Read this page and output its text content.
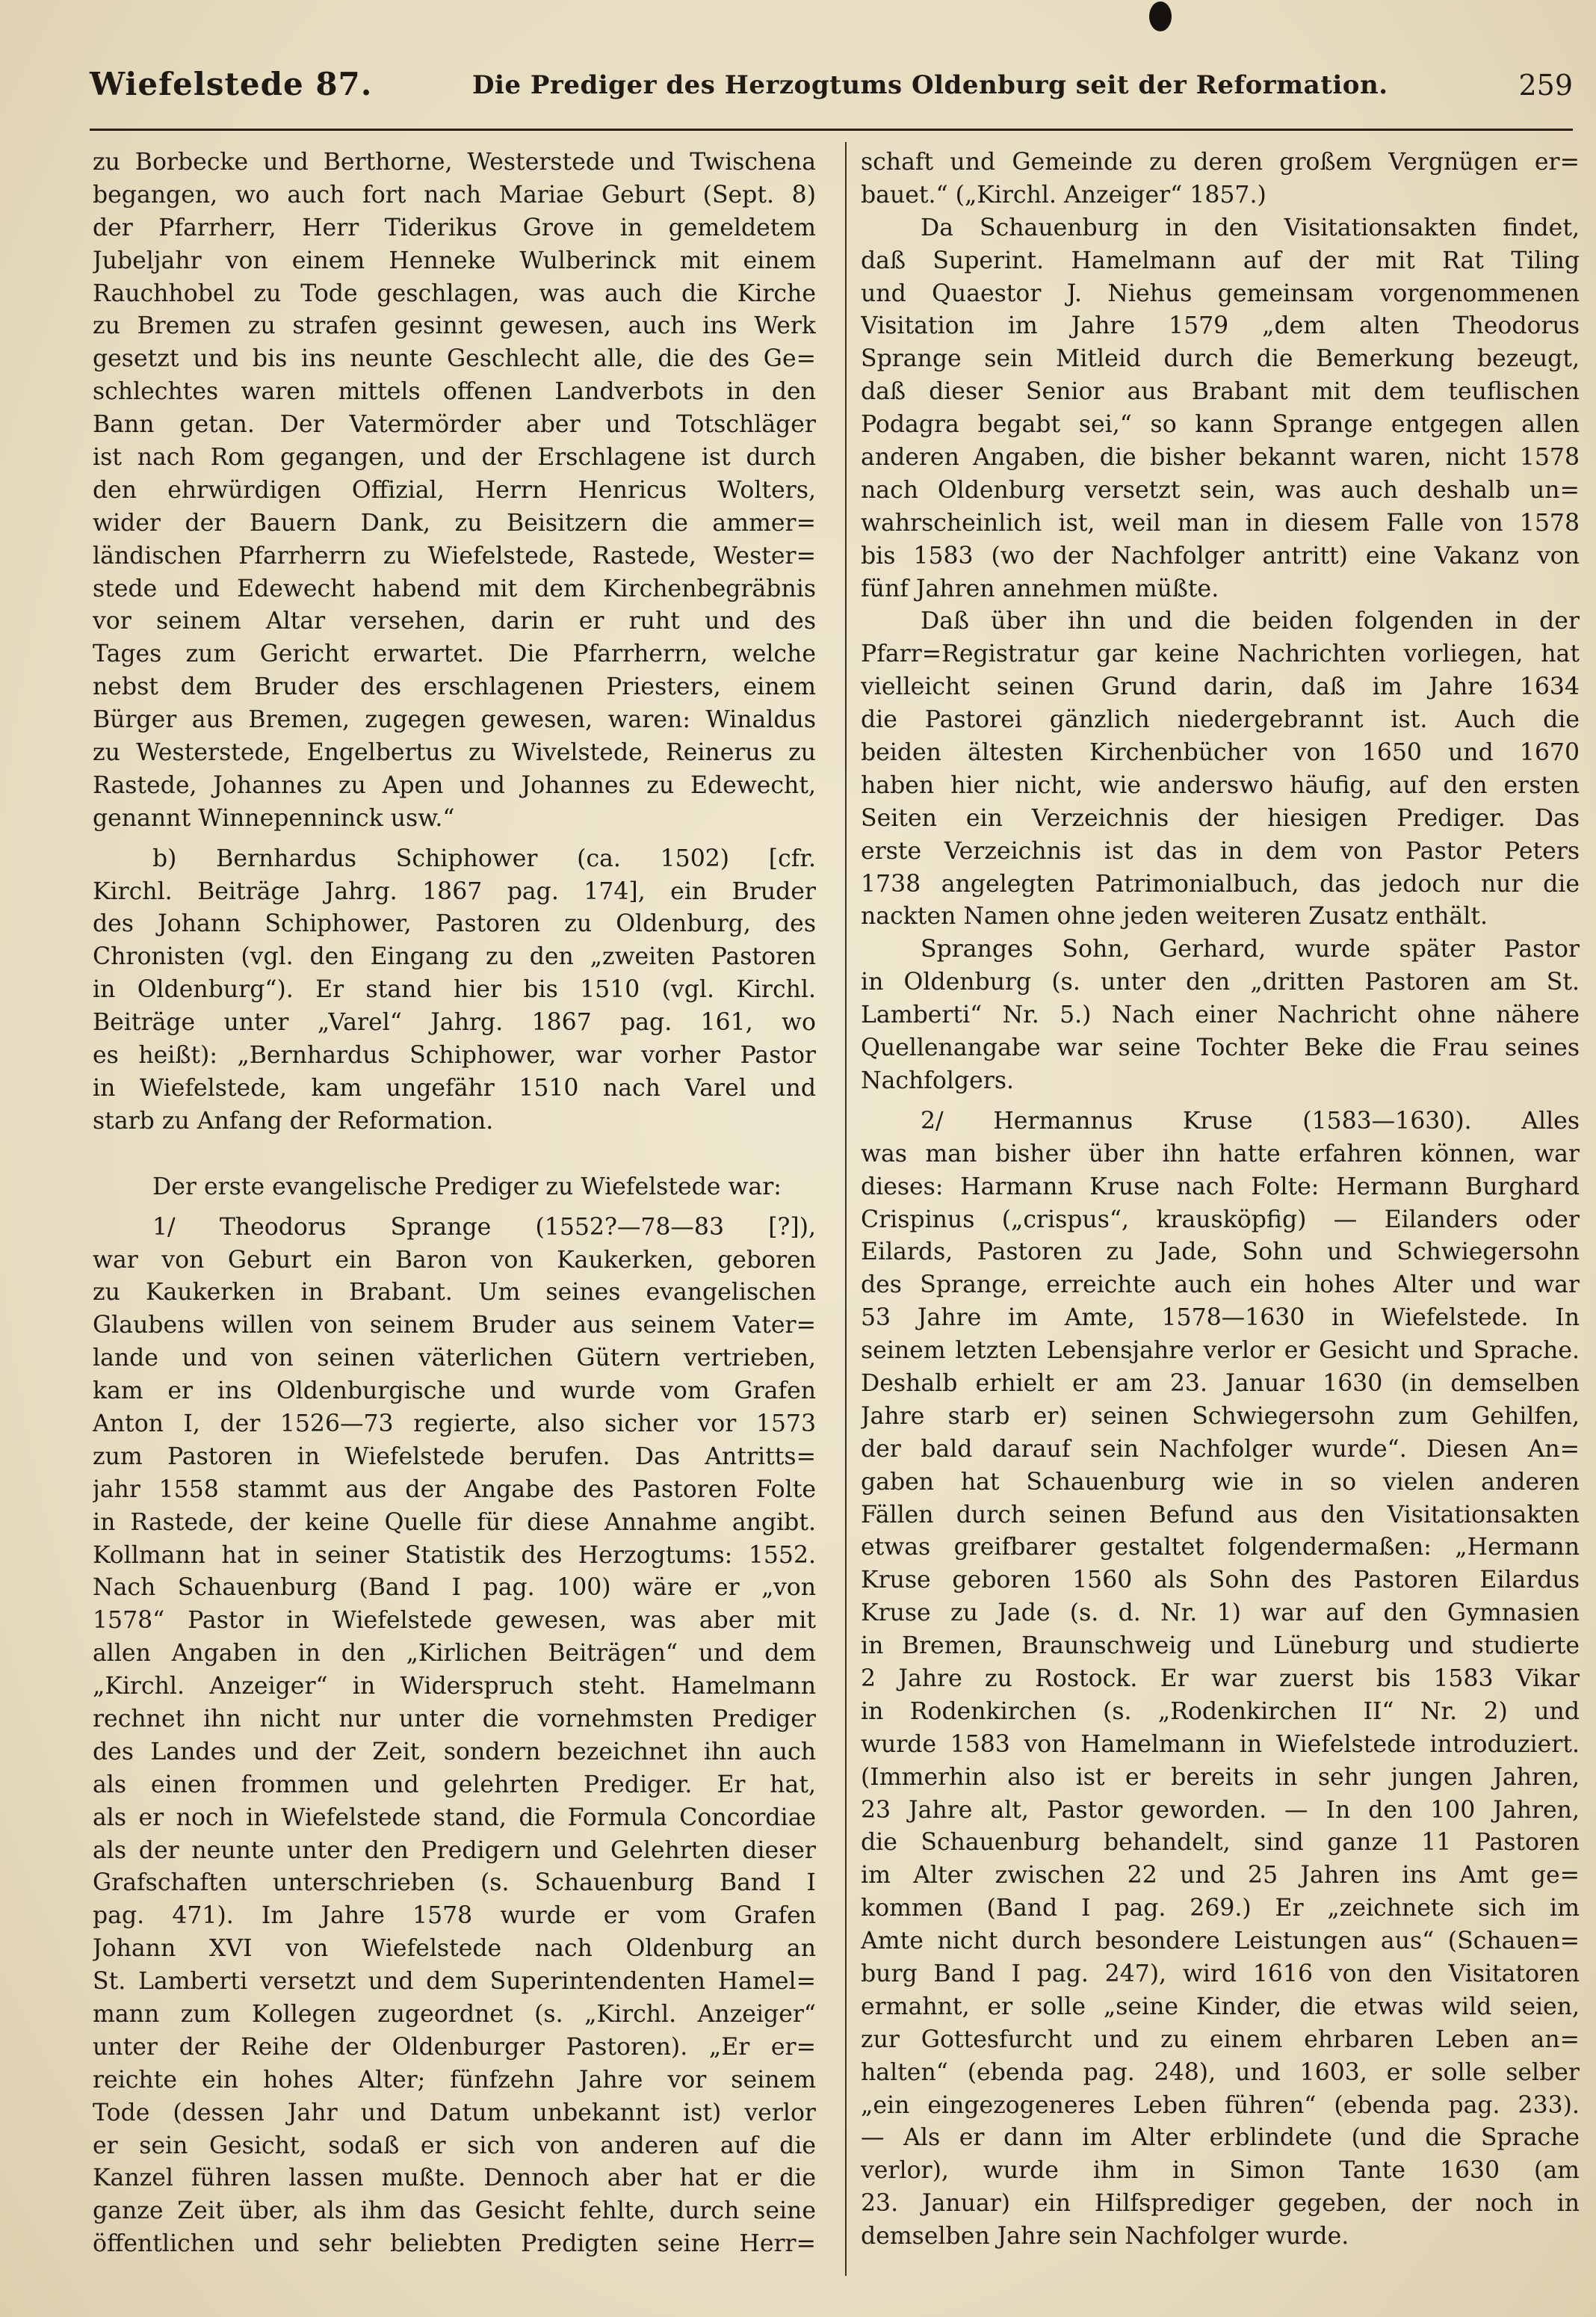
Wiefelstede 87.	Die Prediger des Herzogtums Oldenburg seit der Reformation.	259
zu Borbecke und Berthorne, Westerstede und Twischena
begangen, wo auch fort nach Mariae Geburt (Sept. 8)
der Pfarrherr, Herr Tiderikus Grove in gemeldetem
Jubeljahr von einem Henneke Wulberinck mit einem
Rauchhobel zu Tode geschlagen, was auch die Kirche
zu Bremen zu strafen gesinnt gewesen, auch ins Werk
gesetzt und bis ins neunte Geschlecht alle, die des Ge=
schlechtes waren mittels offenen Landverbots in den
Bann getan. Der Vatermörder aber und Totschläger
ist nach Rom gegangen, und der Erschlagene ist durch
den ehrwürdigen Offizial, Herrn Henricus Wolters,
wider der Bauern Dank, zu Beisitzern die ammer=
ländischen Pfarrherrn zu Wiefelstede, Rastede, Wester=
stede und Edewecht habend mit dem Kirchenbegräbnis
vor seinem Altar versehen, darin er ruht und des
Tages zum Gericht erwartet. Die Pfarrherrn, welche
nebst dem Bruder des erschlagenen Priesters, einem
Bürger aus Bremen, zugegen gewesen, waren: Winaldus
zu Westerstede, Engelbertus zu Wivelstede, Reinerus zu
Rastede, Johannes zu Apen und Johannes zu Edewecht,
genannt Winnepenninck usw.“
b) Bernhardus Schiphower (ca. 1502) [cfr.
Kirchl. Beiträge Jahrg. 1867 pag. 174], ein Bruder
des Johann Schiphower, Pastoren zu Oldenburg, des
Chronisten (vgl. den Eingang zu den „zweiten Pastoren
in Oldenburg“). Er stand hier bis 1510 (vgl. Kirchl.
Beiträge unter „Varel“ Jahrg. 1867 pag. 161, wo
es heißt): „Bernhardus Schiphower, war vorher Pastor
in Wiefelstede, kam ungefähr 1510 nach Varel und
starb zu Anfang der Reformation.
Der erste evangelische Prediger zu Wiefelstede war:
1/ Theodorus Sprange (1552?—78—83 [?]),
war von Geburt ein Baron von Kaukerken, geboren
zu Kaukerken in Brabant. Um seines evangelischen
Glaubens willen von seinem Bruder aus seinem Vater=
lande und von seinen väterlichen Gütern vertrieben,
kam er ins Oldenburgische und wurde vom Grafen
Anton I, der 1526—73 regierte, also sicher vor 1573
zum Pastoren in Wiefelstede berufen. Das Antritts=
jahr 1558 stammt aus der Angabe des Pastoren Folte
in Rastede, der keine Quelle für diese Annahme angibt.
Kollmann hat in seiner Statistik des Herzogtums: 1552.
Nach Schauenburg (Band I pag. 100) wäre er „von
1578“ Pastor in Wiefelstede gewesen, was aber mit
allen Angaben in den „Kirlichen Beiträgen“ und dem
„Kirchl. Anzeiger“ in Widerspruch steht. Hamelmann
rechnet ihn nicht nur unter die vornehmsten Prediger
des Landes und der Zeit, sondern bezeichnet ihn auch
als einen frommen und gelehrten Prediger. Er hat,
als er noch in Wiefelstede stand, die Formula Concordiae
als der neunte unter den Predigern und Gelehrten dieser
Grafschaften unterschrieben (s. Schauenburg Band I
pag. 471). Im Jahre 1578 wurde er vom Grafen
Johann XVI von Wiefelstede nach Oldenburg an
St. Lamberti versetzt und dem Superintendenten Hamel=
mann zum Kollegen zugeordnet (s. „Kirchl. Anzeiger“
unter der Reihe der Oldenburger Pastoren). „Er er=
reichte ein hohes Alter; fünfzehn Jahre vor seinem
Tode (dessen Jahr und Datum unbekannt ist) verlor
er sein Gesicht, sodaß er sich von anderen auf die
Kanzel führen lassen mußte. Dennoch aber hat er die
ganze Zeit über, als ihm das Gesicht fehlte, durch seine
öffentlichen und sehr beliebten Predigten seine Herr=
schaft und Gemeinde zu deren großem Vergnügen er=
bauet.“ („Kirchl. Anzeiger“ 1857.)
Da Schauenburg in den Visitationsakten findet,
daß Superint. Hamelmann auf der mit Rat Tiling
und Quaestor J. Niehus gemeinsam vorgenommenen
Visitation im Jahre 1579 „dem alten Theodorus
Sprange sein Mitleid durch die Bemerkung bezeugt,
daß dieser Senior aus Brabant mit dem teuflischen
Podagra begabt sei,“ so kann Sprange entgegen allen
anderen Angaben, die bisher bekannt waren, nicht 1578
nach Oldenburg versetzt sein, was auch deshalb un=
wahrscheinlich ist, weil man in diesem Falle von 1578
bis 1583 (wo der Nachfolger antritt) eine Vakanz von
fünf Jahren annehmen müßte.
Daß über ihn und die beiden folgenden in der
Pfarr=Registratur gar keine Nachrichten vorliegen, hat
vielleicht seinen Grund darin, daß im Jahre 1634
die Pastorei gänzlich niedergebrannt ist. Auch die
beiden ältesten Kirchenbücher von 1650 und 1670
haben hier nicht, wie anderswo häufig, auf den ersten
Seiten ein Verzeichnis der hiesigen Prediger. Das
erste Verzeichnis ist das in dem von Pastor Peters
1738 angelegten Patrimonialbuch, das jedoch nur die
nackten Namen ohne jeden weiteren Zusatz enthält.
Spranges Sohn, Gerhard, wurde später Pastor
in Oldenburg (s. unter den „dritten Pastoren am St.
Lamberti“ Nr. 5.) Nach einer Nachricht ohne nähere
Quellenangabe war seine Tochter Beke die Frau seines
Nachfolgers.
2/ Hermannus Kruse (1583—1630). Alles
was man bisher über ihn hatte erfahren können, war
dieses: Harmann Kruse nach Folte: Hermann Burghard
Crispinus („crispus“, krausköpfig) — Eilanders oder
Eilards, Pastoren zu Jade, Sohn und Schwiegersohn
des Sprange, erreichte auch ein hohes Alter und war
53 Jahre im Amte, 1578—1630 in Wiefelstede. In
seinem letzten Lebensjahre verlor er Gesicht und Sprache.
Deshalb erhielt er am 23. Januar 1630 (in demselben
Jahre starb er) seinen Schwiegersohn zum Gehilfen,
der bald darauf sein Nachfolger wurde“. Diesen An=
gaben hat Schauenburg wie in so vielen anderen
Fällen durch seinen Befund aus den Visitationsakten
etwas greifbarer gestaltet folgendermaßen: „Hermann
Kruse geboren 1560 als Sohn des Pastoren Eilardus
Kruse zu Jade (s. d. Nr. 1) war auf den Gymnasien
in Bremen, Braunschweig und Lüneburg und studierte
2 Jahre zu Rostock. Er war zuerst bis 1583 Vikar
in Rodenkirchen (s. „Rodenkirchen II“ Nr. 2) und
wurde 1583 von Hamelmann in Wiefelstede introduziert.
(Immerhin also ist er bereits in sehr jungen Jahren,
23 Jahre alt, Pastor geworden. — In den 100 Jahren,
die Schauenburg behandelt, sind ganze 11 Pastoren
im Alter zwischen 22 und 25 Jahren ins Amt ge=
kommen (Band I pag. 269.) Er „zeichnete sich im
Amte nicht durch besondere Leistungen aus“ (Schauen=
burg Band I pag. 247), wird 1616 von den Visitatoren
ermahnt, er solle „seine Kinder, die etwas wild seien,
zur Gottesfurcht und zu einem ehrbaren Leben an=
halten“ (ebenda pag. 248), und 1603, er solle selber
„ein eingezogeneres Leben führen“ (ebenda pag. 233).
— Als er dann im Alter erblindete (und die Sprache
verlor), wurde ihm in Simon Tante 1630 (am
23. Januar) ein Hilfsprediger gegeben, der noch in
demselben Jahre sein Nachfolger wurde.
